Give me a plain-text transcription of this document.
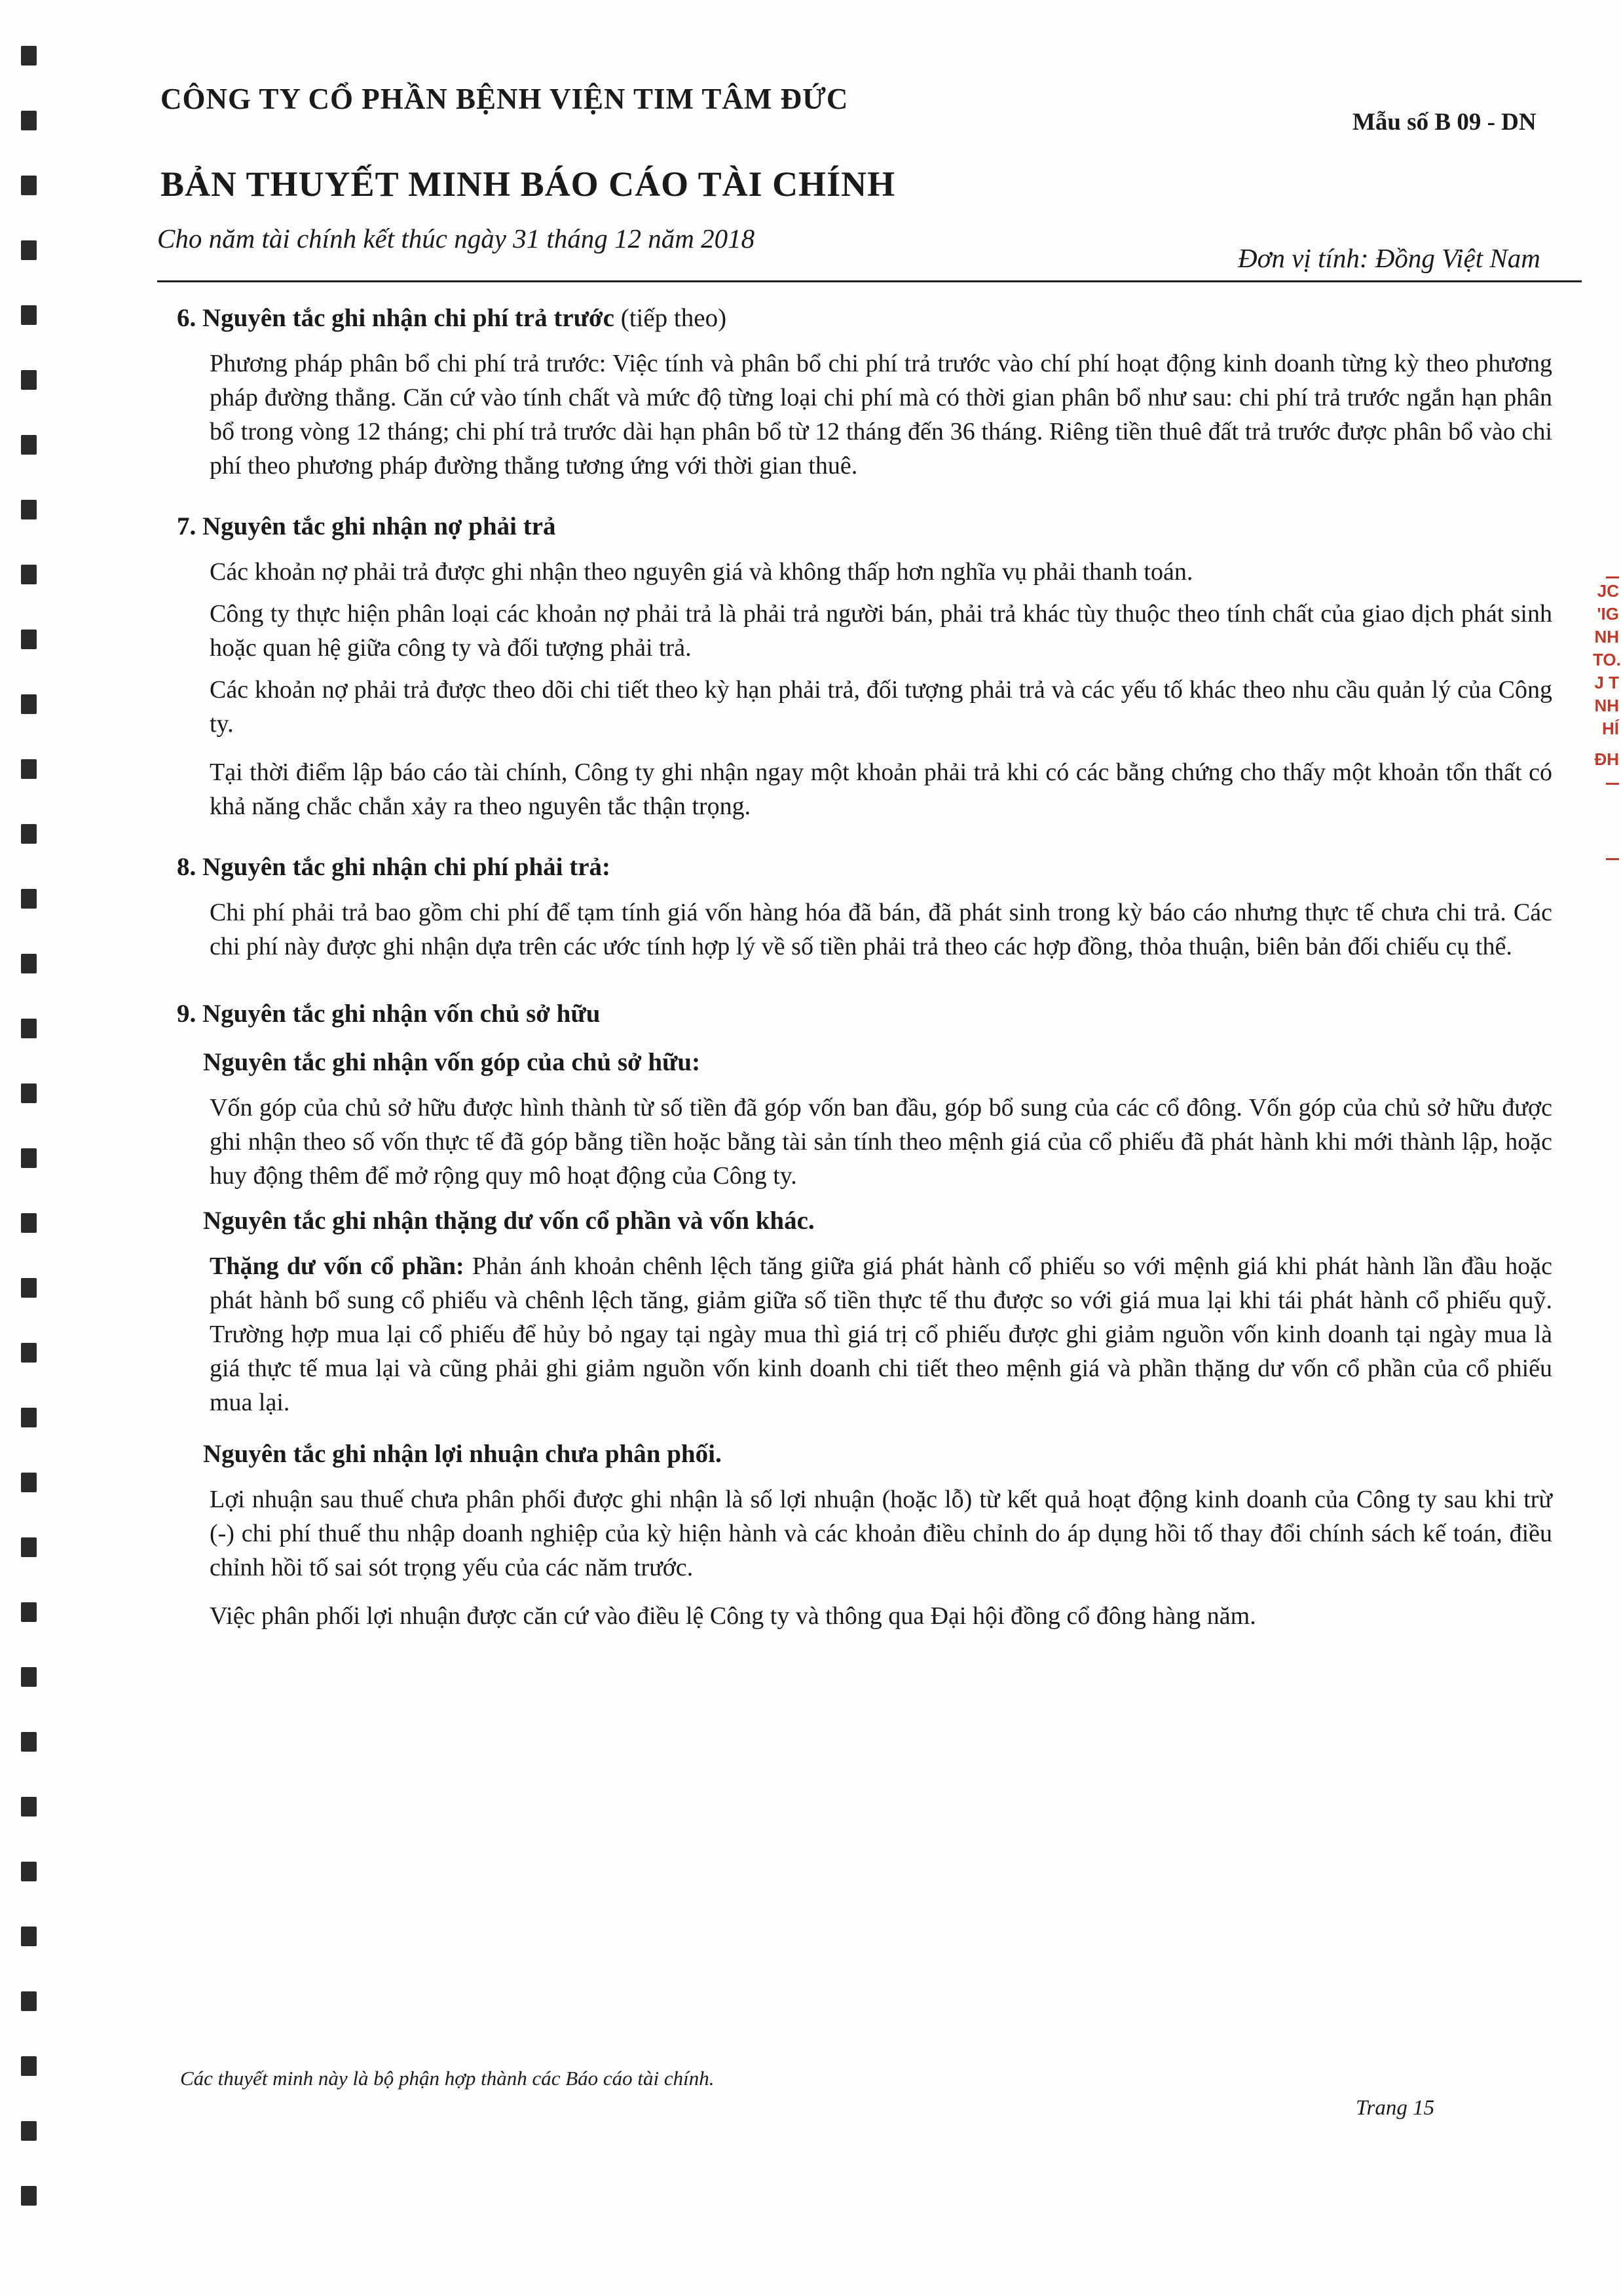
JC
'IG
NH
TO.
J T
NH
HÍ
ĐH
CÔNG TY CỔ PHẦN BỆNH VIỆN TIM TÂM ĐỨC
Mẫu số B 09 - DN
BẢN THUYẾT MINH BÁO CÁO TÀI CHÍNH
Cho năm tài chính kết thúc ngày 31 tháng 12 năm 2018
Đơn vị tính: Đồng Việt Nam
6. Nguyên tắc ghi nhận chi phí trả trước (tiếp theo)

Phương pháp phân bổ chi phí trả trước: Việc tính và phân bổ chi phí trả trước vào chí phí hoạt động kinh doanh từng kỳ theo phương pháp đường thẳng. Căn cứ vào tính chất và mức độ từng loại chi phí mà có thời gian phân bổ như sau: chi phí trả trước ngắn hạn phân bổ trong vòng 12 tháng; chi phí trả trước dài hạn phân bổ từ 12 tháng đến 36 tháng. Riêng tiền thuê đất trả trước được phân bổ vào chi phí theo phương pháp đường thẳng tương ứng với thời gian thuê.

7. Nguyên tắc ghi nhận nợ phải trả

Các khoản nợ phải trả được ghi nhận theo nguyên giá và không thấp hơn nghĩa vụ phải thanh toán.

Công ty thực hiện phân loại các khoản nợ phải trả là phải trả người bán, phải trả khác tùy thuộc theo tính chất của giao dịch phát sinh hoặc quan hệ giữa công ty và đối tượng phải trả.

Các khoản nợ phải trả được theo dõi chi tiết theo kỳ hạn phải trả, đối tượng phải trả và các yếu tố khác theo nhu cầu quản lý của Công ty.

Tại thời điểm lập báo cáo tài chính, Công ty ghi nhận ngay một khoản phải trả khi có các bằng chứng cho thấy một khoản tổn thất có khả năng chắc chắn xảy ra theo nguyên tắc thận trọng.

8. Nguyên tắc ghi nhận chi phí phải trả:

Chi phí phải trả bao gồm chi phí để tạm tính giá vốn hàng hóa đã bán, đã phát sinh trong kỳ báo cáo nhưng thực tế chưa chi trả. Các chi phí này được ghi nhận dựa trên các ước tính hợp lý về số tiền phải trả theo các hợp đồng, thỏa thuận, biên bản đối chiếu cụ thể.

9. Nguyên tắc ghi nhận vốn chủ sở hữu
Nguyên tắc ghi nhận vốn góp của chủ sở hữu:

Vốn góp của chủ sở hữu được hình thành từ số tiền đã góp vốn ban đầu, góp bổ sung của các cổ đông. Vốn góp của chủ sở hữu được ghi nhận theo số vốn thực tế đã góp bằng tiền hoặc bằng tài sản tính theo mệnh giá của cổ phiếu đã phát hành khi mới thành lập, hoặc huy động thêm để mở rộng quy mô hoạt động của Công ty.

Nguyên tắc ghi nhận thặng dư vốn cổ phần và vốn khác.

Thặng dư vốn cổ phần: Phản ánh khoản chênh lệch tăng giữa giá phát hành cổ phiếu so với mệnh giá khi phát hành lần đầu hoặc phát hành bổ sung cổ phiếu và chênh lệch tăng, giảm giữa số tiền thực tế thu được so với giá mua lại khi tái phát hành cổ phiếu quỹ. Trường hợp mua lại cổ phiếu để hủy bỏ ngay tại ngày mua thì giá trị cổ phiếu được ghi giảm nguồn vốn kinh doanh tại ngày mua là giá thực tế mua lại và cũng phải ghi giảm nguồn vốn kinh doanh chi tiết theo mệnh giá và phần thặng dư vốn cổ phần của cổ phiếu mua lại.

Nguyên tắc ghi nhận lợi nhuận chưa phân phối.

Lợi nhuận sau thuế chưa phân phối được ghi nhận là số lợi nhuận (hoặc lỗ) từ kết quả hoạt động kinh doanh của Công ty sau khi trừ (-) chi phí thuế thu nhập doanh nghiệp của kỳ hiện hành và các khoản điều chỉnh do áp dụng hồi tố thay đổi chính sách kế toán, điều chỉnh hồi tố sai sót trọng yếu của các năm trước.

Việc phân phối lợi nhuận được căn cứ vào điều lệ Công ty và thông qua Đại hội đồng cổ đông hàng năm.

Các thuyết minh này là bộ phận hợp thành các Báo cáo tài chính.
Trang 15
